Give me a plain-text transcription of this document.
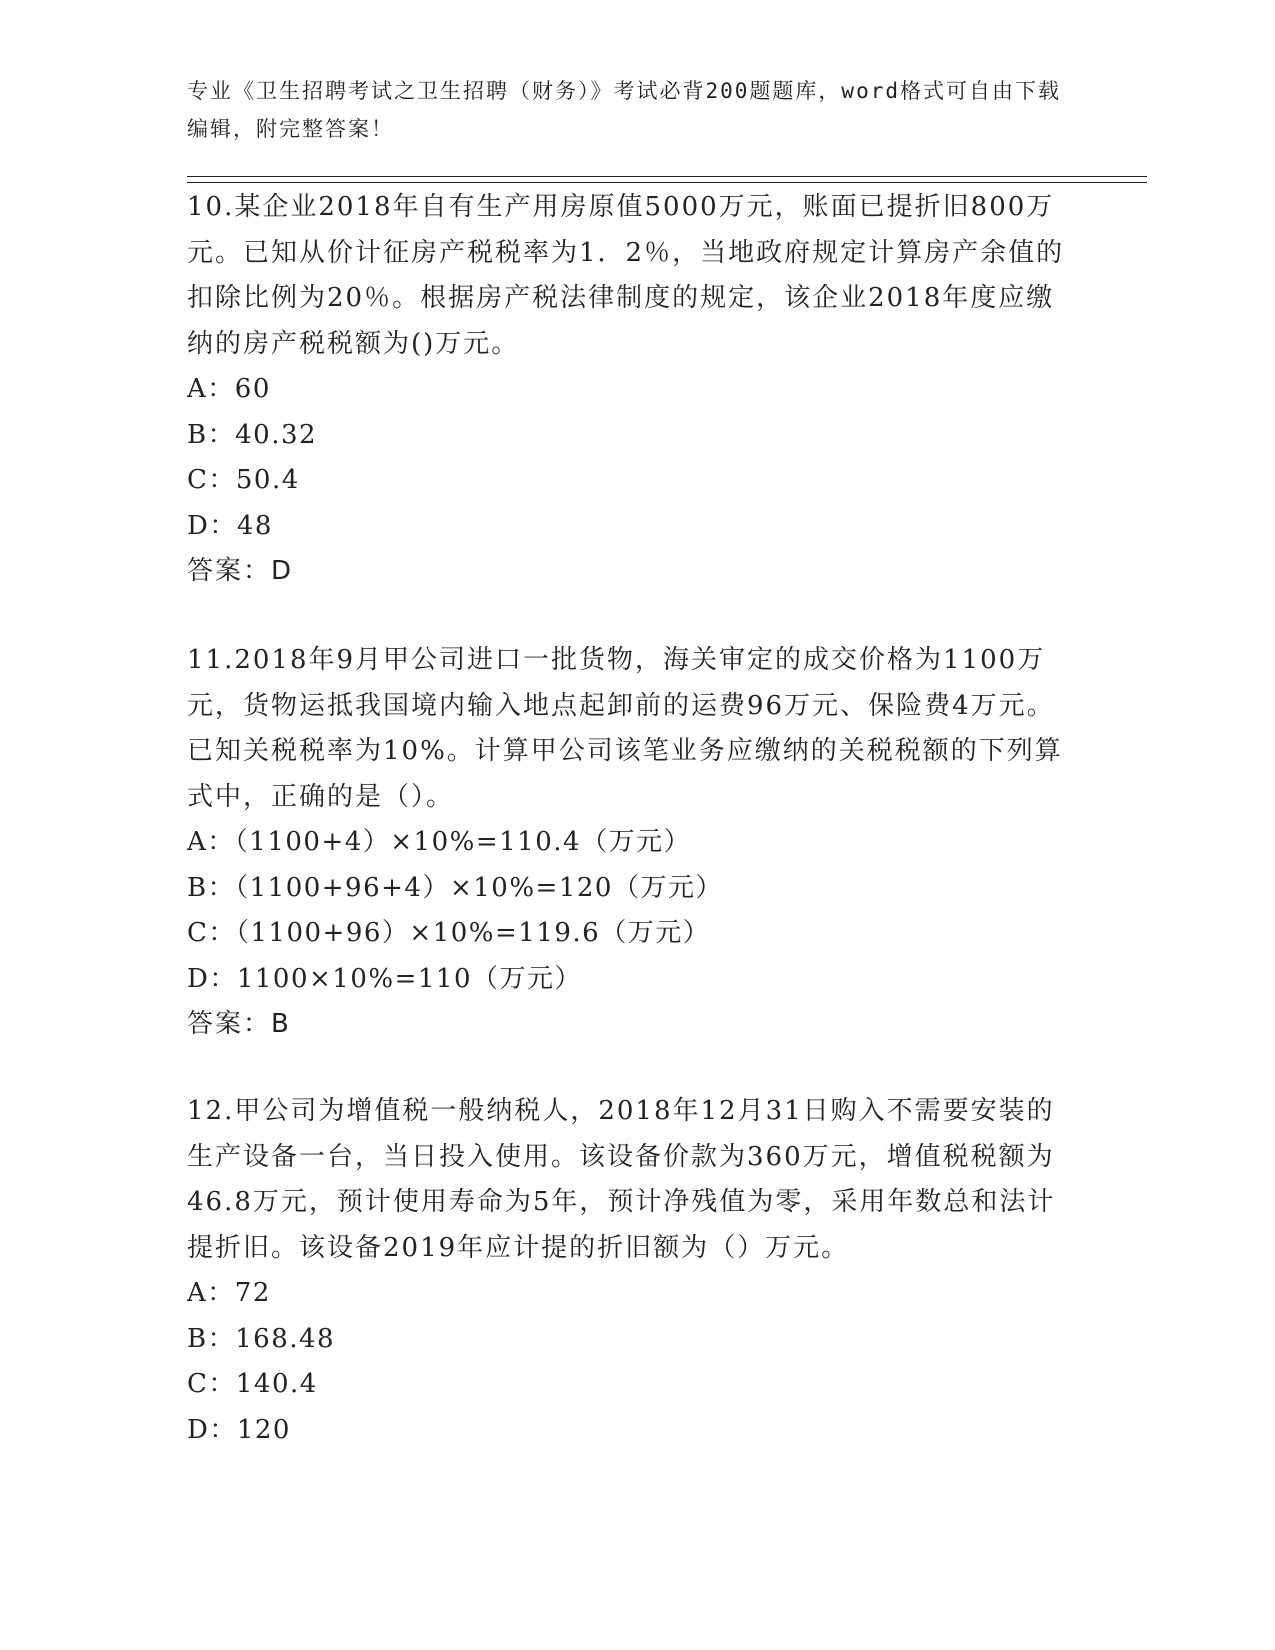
专业《卫生招聘考试之卫生招聘（财务）》考试必背200题题库，word格式可自由下载编辑，附完整答案！

10.某企业2018年自有生产用房原值5000万元，账面已提折旧800万元。已知从价计征房产税税率为1．2％，当地政府规定计算房产余值的扣除比例为20％。根据房产税法律制度的规定，该企业2018年度应缴纳的房产税税额为()万元。

A：60

B：40.32

C：50.4

D：48

答案：D

11.2018年9月甲公司进口一批货物，海关审定的成交价格为1100万元，货物运抵我国境内输入地点起卸前的运费96万元、保险费4万元。已知关税税率为10%。计算甲公司该笔业务应缴纳的关税税额的下列算式中，正确的是（）。

A：（1100+4）×10%=110.4（万元）

B：（1100+96+4）×10%=120（万元）

C：（1100+96）×10%=119.6（万元）

D：1100×10%=110（万元）

答案：B

12.甲公司为增值税一般纳税人，2018年12月31日购入不需要安装的生产设备一台，当日投入使用。该设备价款为360万元，增值税税额为46.8万元，预计使用寿命为5年，预计净残值为零，采用年数总和法计提折旧。该设备2019年应计提的折旧额为（）万元。

A：72

B：168.48

C：140.4

D：120
